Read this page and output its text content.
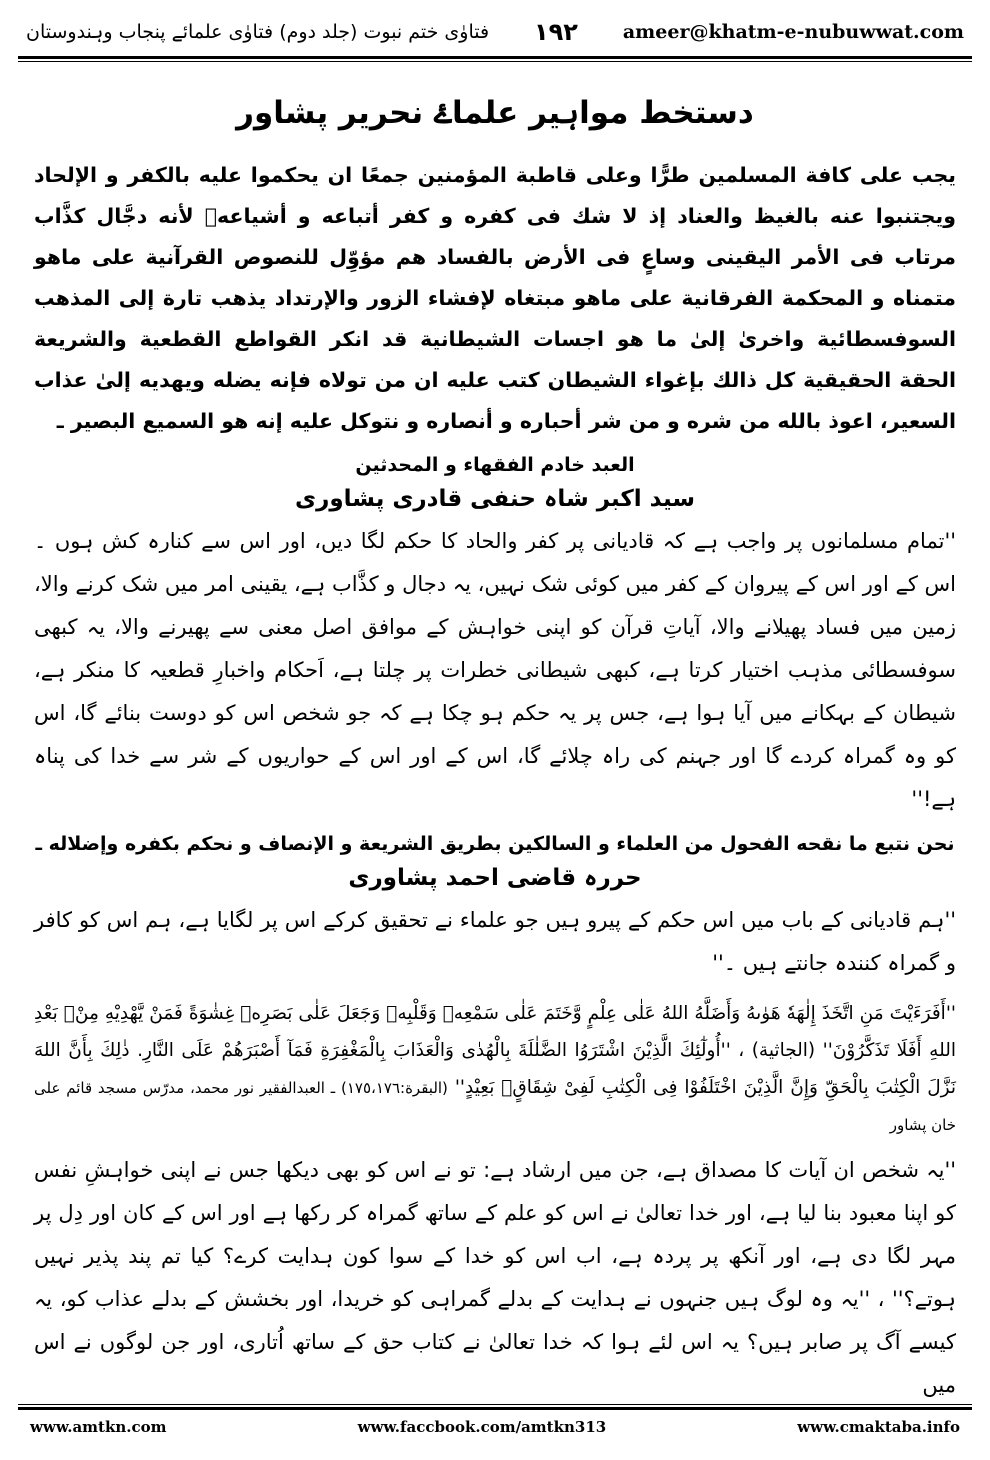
فتاوٰی ختم نبوت (جلد دوم) فتاوٰی علمائے پنجاب وہندوستان	١٩٢ ameer@khatm-e-nubuwwat.com
دستخط مواہیر علماۓ نحریر پشاور
يجب على كافة المسلمين طرًّا وعلى قاطبة المؤمنين جمعًا ان يحكموا عليه بالكفر و الإلحاد ويجتنبوا عنه بالغيظ والعناد إذ لا شك فى كفره و كفر أتباعه و أشياعهٖ لأنه دجَّال كذَّاب مرتاب فى الأمر اليقينى وساعٍ فى الأرض بالفساد هم مؤوِّل للنصوص القرآنية على ماهو متمناه و المحكمة الفرقانية على ماهو مبتغاه لإفشاء الزور والإرتداد يذهب تارة إلى المذهب السوفسطائية واخرىٰ إلىٰ ما هو اجسات الشيطانية قد انكر القواطع القطعية والشريعة الحقة الحقيقية كل ذالك بإغواء الشيطان كتب عليه ان من تولاه فإنه يضله ويهديه إلىٰ عذاب السعير، اعوذ بالله من شره و من شر أحباره و أنصاره و نتوكل عليه إنه هو السميع البصير ـ
العبد خادم الفقهاء و المحدثين
سید اکبر شاہ حنفی قادری پشاوری
''تمام مسلمانوں پر واجب ہے کہ قادیانی پر کفر والحاد کا حکم لگا دیں، اور اس سے کنارہ کش ہوں ۔ اس کے اور اس کے پیروان کے کفر میں کوئی شک نہیں، یہ دجال و کذَّاب ہے، یقینی امر میں شک کرنے والا، زمین میں فساد پھیلانے والا، آیاتِ قرآن کو اپنی خواہش کے موافق اصل معنی سے پھیرنے والا، یہ کبھی سوفسطائی مذہب اختیار کرتا ہے، کبھی شیطانی خطرات پر چلتا ہے، اَحکام واخبارِ قطعیہ کا منکر ہے، شیطان کے بہکانے میں آیا ہوا ہے، جس پر یہ حکم ہو چکا ہے کہ جو شخص اس کو دوست بنائے گا، اس کو وہ گمراہ کردے گا اور جہنم کی راہ چلائے گا، اس کے اور اس کے حواریوں کے شر سے خدا کی پناہ ہے!''
نحن نتبع ما نقحه الفحول من العلماء و السالكين بطريق الشريعة و الإنصاف و نحكم بكفره وإضلاله ـ
حررہ قاضی احمد پشاوری
''ہم قادیانی کے باب میں اس حکم کے پیرو ہیں جو علماء نے تحقیق کرکے اس پر لگایا ہے، ہم اس کو کافر و گمراہ کنندہ جانتے ہیں ۔''
''أَفَرَءَيْتَ مَنِ اتَّخَذَ إِلٰهَهٗ هَوٰىهُ وَأَضَلَّهُ اللهُ عَلٰى عِلْمٍ وَّخَتَمَ عَلٰى سَمْعِهٖ وَقَلْبِهٖ وَجَعَلَ عَلٰى بَصَرِهٖ غِشٰوَةً فَمَنْ يَّهْدِيْهِ مِنْۢ بَعْدِ اللهِ أَفَلَا تَذَكَّرُوْنَ'' (الجاثية) ، ''أُولٰٓئِكَ الَّذِيْنَ اشْتَرَوُا الضَّلٰلَةَ بِالْهُدٰى وَالْعَذَابَ بِالْمَغْفِرَةِ فَمَآ أَصْبَرَهُمْ عَلَى النَّارِ. ذٰلِكَ بِأَنَّ اللهَ نَزَّلَ الْكِتٰبَ بِالْحَقِّ وَإِنَّ الَّذِيْنَ اخْتَلَفُوْا فِى الْكِتٰبِ لَفِىْ شِقَاقٍۭ بَعِيْدٍ'' (البقرة:١٧٥،١٧٦) ـ العبدالفقير نور محمد، مدرّس مسجد قائم علی خان پشاور
''یہ شخص ان آیات کا مصداق ہے، جن میں ارشاد ہے: تو نے اس کو بھی دیکھا جس نے اپنی خواہشِ نفس کو اپنا معبود بنا لیا ہے، اور خدا تعالیٰ نے اس کو علم کے ساتھ گمراہ کر رکھا ہے اور اس کے کان اور دِل پر مہر لگا دی ہے، اور آنکھ پر پردہ ہے، اب اس کو خدا کے سوا کون ہدایت کرے؟ کیا تم پند پذیر نہیں ہوتے؟'' ، ''یہ وہ لوگ ہیں جنہوں نے ہدایت کے بدلے گمراہی کو خریدا، اور بخشش کے بدلے عذاب کو، یہ کیسے آگ پر صابر ہیں؟ یہ اس لئے ہوا کہ خدا تعالیٰ نے کتاب حق کے ساتھ اُتاری، اور جن لوگوں نے اس میں
www.amtkn.com	www.faccbook.com/amtkn313	www.cmaktaba.info
